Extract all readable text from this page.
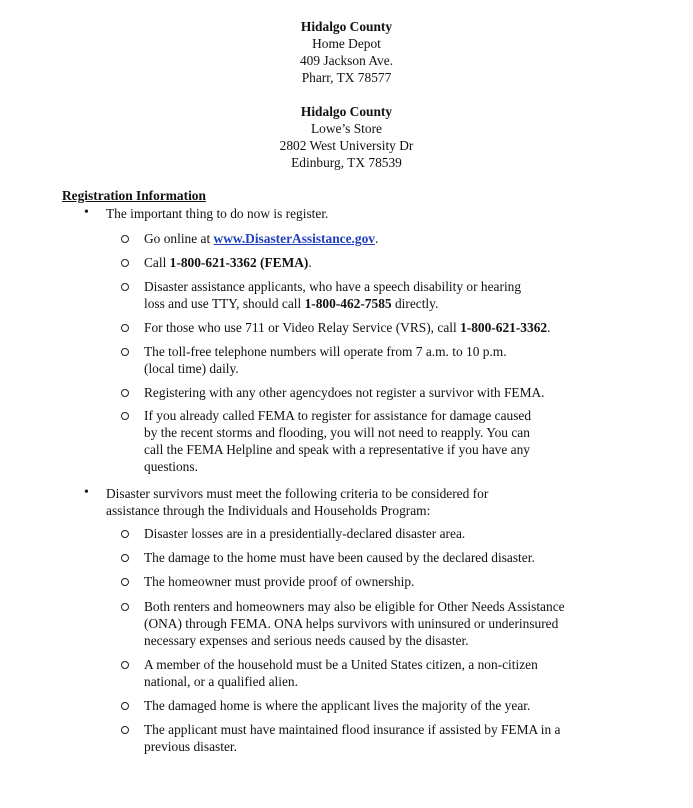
Hidalgo County
Home Depot
409 Jackson Ave.
Pharr, TX 78577
Hidalgo County
Lowe’s Store
2802 West University Dr
Edinburg, TX 78539
Registration Information
• The important thing to do now is register.
Go online at www.DisasterAssistance.gov.
Call 1-800-621-3362 (FEMA).
Disaster assistance applicants, who have a speech disability or hearing
loss and use TTY, should call 1-800-462-7585 directly.
For those who use 711 or Video Relay Service (VRS), call 1-800-621-3362.
The toll-free telephone numbers will operate from 7 a.m. to 10 p.m.
(local time) daily.
Registering with any other agencydoes not register a survivor with FEMA.
If you already called FEMA to register for assistance for damage caused
by the recent storms and flooding, you will not need to reapply. You can
call the FEMA Helpline and speak with a representative if you have any
questions.
• Disaster survivors must meet the following criteria to be considered for
assistance through the Individuals and Households Program:
Disaster losses are in a presidentially-declared disaster area.
The damage to the home must have been caused by the declared disaster.
The homeowner must provide proof of ownership.
Both renters and homeowners may also be eligible for Other Needs Assistance
(ONA) through FEMA. ONA helps survivors with uninsured or underinsured
necessary expenses and serious needs caused by the disaster.
A member of the household must be a United States citizen, a non-citizen
national, or a qualified alien.
The damaged home is where the applicant lives the majority of the year.
The applicant must have maintained flood insurance if assisted by FEMA in a
previous disaster.
